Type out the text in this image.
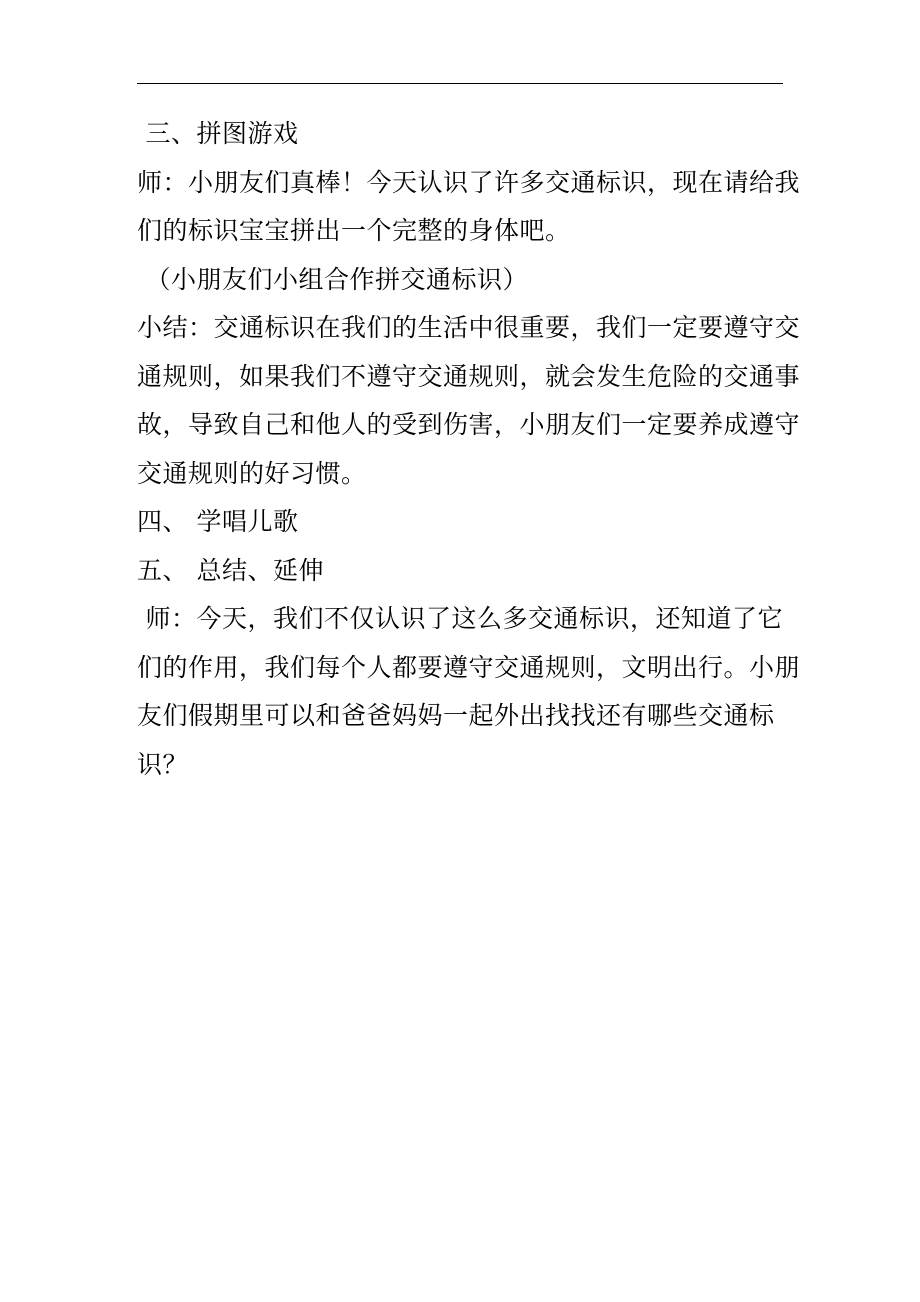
三、拼图游戏
师：小朋友们真棒！今天认识了许多交通标识，现在请给我
们的标识宝宝拼出一个完整的身体吧。
（小朋友们小组合作拼交通标识）
小结：交通标识在我们的生活中很重要，我们一定要遵守交
通规则，如果我们不遵守交通规则，就会发生危险的交通事
故，导致自己和他人的受到伤害，小朋友们一定要养成遵守
交通规则的好习惯。
四、 学唱儿歌
五、 总结、延伸
师：今天，我们不仅认识了这么多交通标识，还知道了它
们的作用，我们每个人都要遵守交通规则，文明出行。小朋
友们假期里可以和爸爸妈妈一起外出找找还有哪些交通标
识？
